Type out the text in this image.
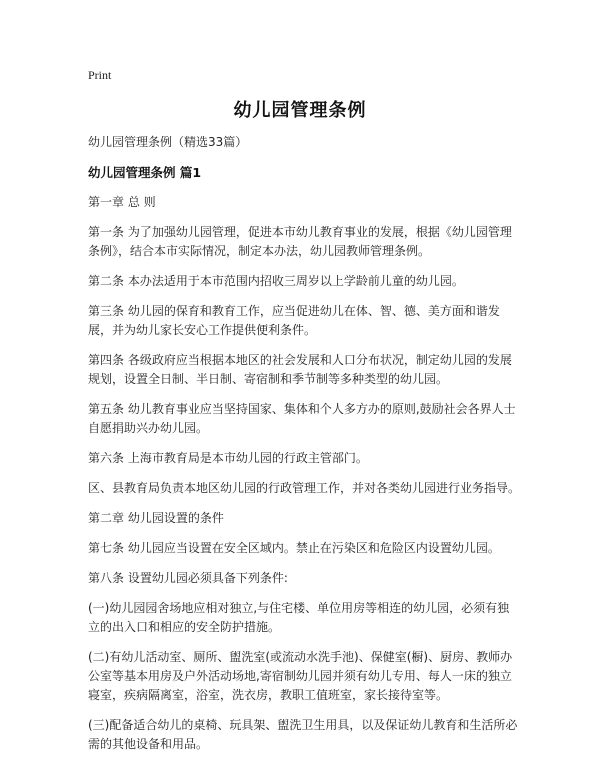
Print
幼儿园管理条例

幼儿园管理条例（精选33篇）

幼儿园管理条例 篇1

第一章 总 则

第一条 为了加强幼儿园管理，促进本市幼儿教育事业的发展，根据《幼儿园管理条例》，结合本市实际情况，制定本办法，幼儿园教师管理条例。

第二条 本办法适用于本市范围内招收三周岁以上学龄前儿童的幼儿园。

第三条 幼儿园的保育和教育工作，应当促进幼儿在体、智、德、美方面和谐发展，并为幼儿家长安心工作提供便利条件。

第四条 各级政府应当根据本地区的社会发展和人口分布状况，制定幼儿园的发展规划，设置全日制、半日制、寄宿制和季节制等多种类型的幼儿园。

第五条 幼儿教育事业应当坚持国家、集体和个人多方办的原则,鼓励社会各界人士自愿捐助兴办幼儿园。

第六条 上海市教育局是本市幼儿园的行政主管部门。

区、县教育局负责本地区幼儿园的行政管理工作，并对各类幼儿园进行业务指导。

第二章 幼儿园设置的条件

第七条 幼儿园应当设置在安全区域内。禁止在污染区和危险区内设置幼儿园。

第八条 设置幼儿园必须具备下列条件:

(一)幼儿园园舍场地应相对独立,与住宅楼、单位用房等相连的幼儿园，必须有独立的出入口和相应的安全防护措施。

(二)有幼儿活动室、厕所、盥洗室(或流动水洗手池)、保健室(橱)、厨房、教师办公室等基本用房及户外活动场地,寄宿制幼儿园并须有幼儿专用、每人一床的独立寝室，疾病隔离室，浴室，洗衣房，教职工值班室，家长接待室等。

(三)配备适合幼儿的桌椅、玩具架、盥洗卫生用具，以及保证幼儿教育和生活所必需的其他设备和用品。
